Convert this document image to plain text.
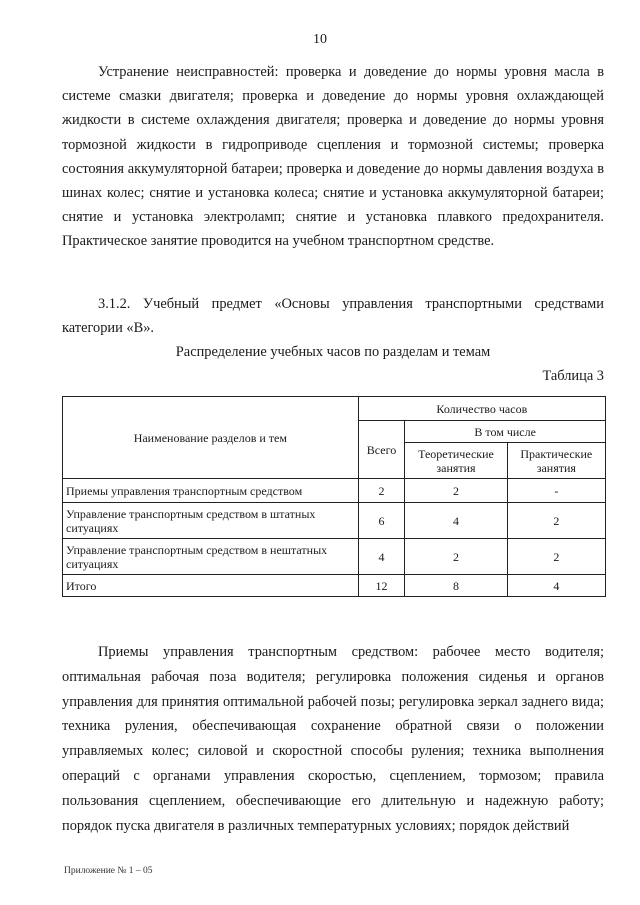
10

Устранение неисправностей: проверка и доведение до нормы уровня масла в системе смазки двигателя; проверка и доведение до нормы уровня охлаждающей жидкости в системе охлаждения двигателя; проверка и доведение до нормы уровня тормозной жидкости в гидроприводе сцепления и тормозной системы; проверка состояния аккумуляторной батареи; проверка и доведение до нормы давления воздуха в шинах колес; снятие и установка колеса; снятие и установка аккумуляторной батареи; снятие и установка электроламп; снятие и установка плавкого предохранителя. Практическое занятие проводится на учебном транспортном средстве.

3.1.2. Учебный предмет «Основы управления транспортными средствами категории «В».

Распределение учебных часов по разделам и темам
Таблица 3
Наименование разделов и тем	Количество часов		
	Всего	В том числе	
		Теоретические занятия	Практические занятия
Приемы управления транспортным средством	2	2	-
Управление транспортным средством в штатных ситуациях	6	4	2
Управление транспортным средством в нештатных ситуациях	4	2	2
Итого	12	8	4

Приемы управления транспортным средством: рабочее место водителя; оптимальная рабочая поза водителя; регулировка положения сиденья и органов управления для принятия оптимальной рабочей позы; регулировка зеркал заднего вида; техника руления, обеспечивающая сохранение обратной связи о положении управляемых колес; силовой и скоростной способы руления; техника выполнения операций с органами управления скоростью, сцеплением, тормозом; правила пользования сцеплением, обеспечивающие его длительную и надежную работу; порядок пуска двигателя в различных температурных условиях; порядок действий

Приложение № 1 – 05
